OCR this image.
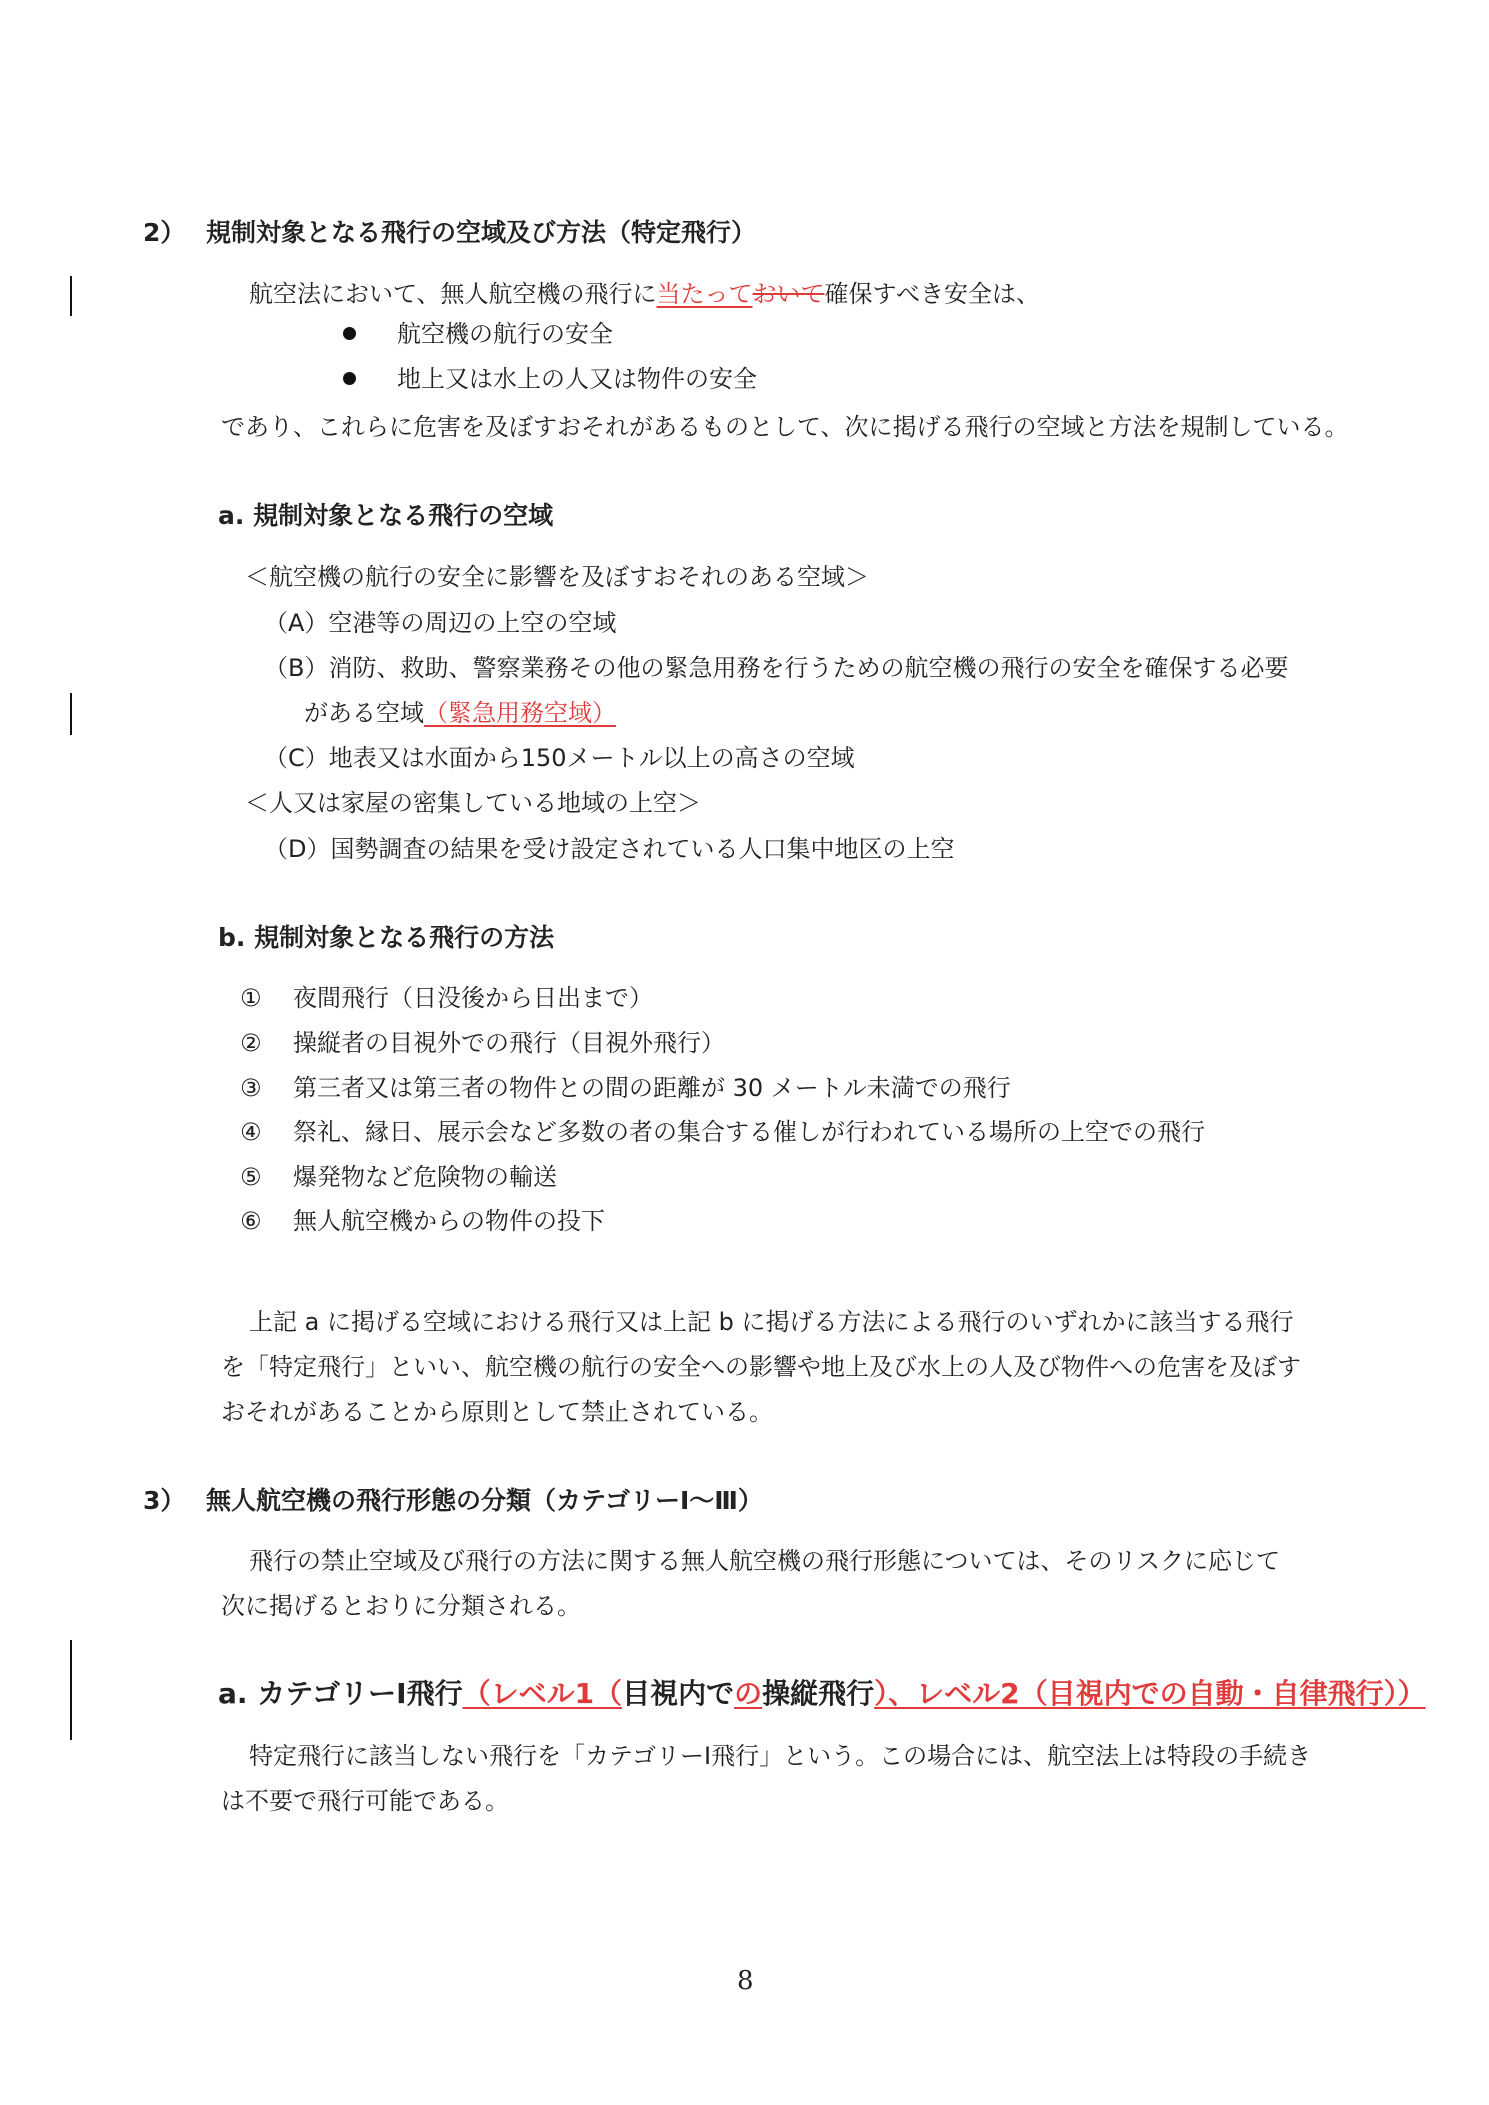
2） 規制対象となる飛行の空域及び方法（特定飛行）
航空法において、無人航空機の飛行に当たっておいて確保すべき安全は、
航空機の航行の安全
地上又は水上の人又は物件の安全
であり、これらに危害を及ぼすおそれがあるものとして、次に掲げる飛行の空域と方法を規制している。
a. 規制対象となる飛行の空域
＜航空機の航行の安全に影響を及ぼすおそれのある空域＞
（A）空港等の周辺の上空の空域
（B）消防、救助、警察業務その他の緊急用務を行うための航空機の飛行の安全を確保する必要
がある空域（緊急用務空域）
（C）地表又は水面から150メートル以上の高さの空域
＜人又は家屋の密集している地域の上空＞
（D）国勢調査の結果を受け設定されている人口集中地区の上空
b. 規制対象となる飛行の方法
① 夜間飛行（日没後から日出まで）
② 操縦者の目視外での飛行（目視外飛行）
③ 第三者又は第三者の物件との間の距離が 30 メートル未満での飛行
④ 祭礼、縁日、展示会など多数の者の集合する催しが行われている場所の上空での飛行
⑤ 爆発物など危険物の輸送
⑥ 無人航空機からの物件の投下
上記 a に掲げる空域における飛行又は上記 b に掲げる方法による飛行のいずれかに該当する飛行
を「特定飛行」といい、航空機の航行の安全への影響や地上及び水上の人及び物件への危害を及ぼす
おそれがあることから原則として禁止されている。
3） 無人航空機の飛行形態の分類（カテゴリーⅠ～Ⅲ）
飛行の禁止空域及び飛行の方法に関する無人航空機の飛行形態については、そのリスクに応じて
次に掲げるとおりに分類される。
a. カテゴリーⅠ飛行（レベル1（目視内での操縦飛行）、レベル2（目視内での自動・自律飛行））
特定飛行に該当しない飛行を「カテゴリーⅠ飛行」という。この場合には、航空法上は特段の手続き
は不要で飛行可能である。
8
